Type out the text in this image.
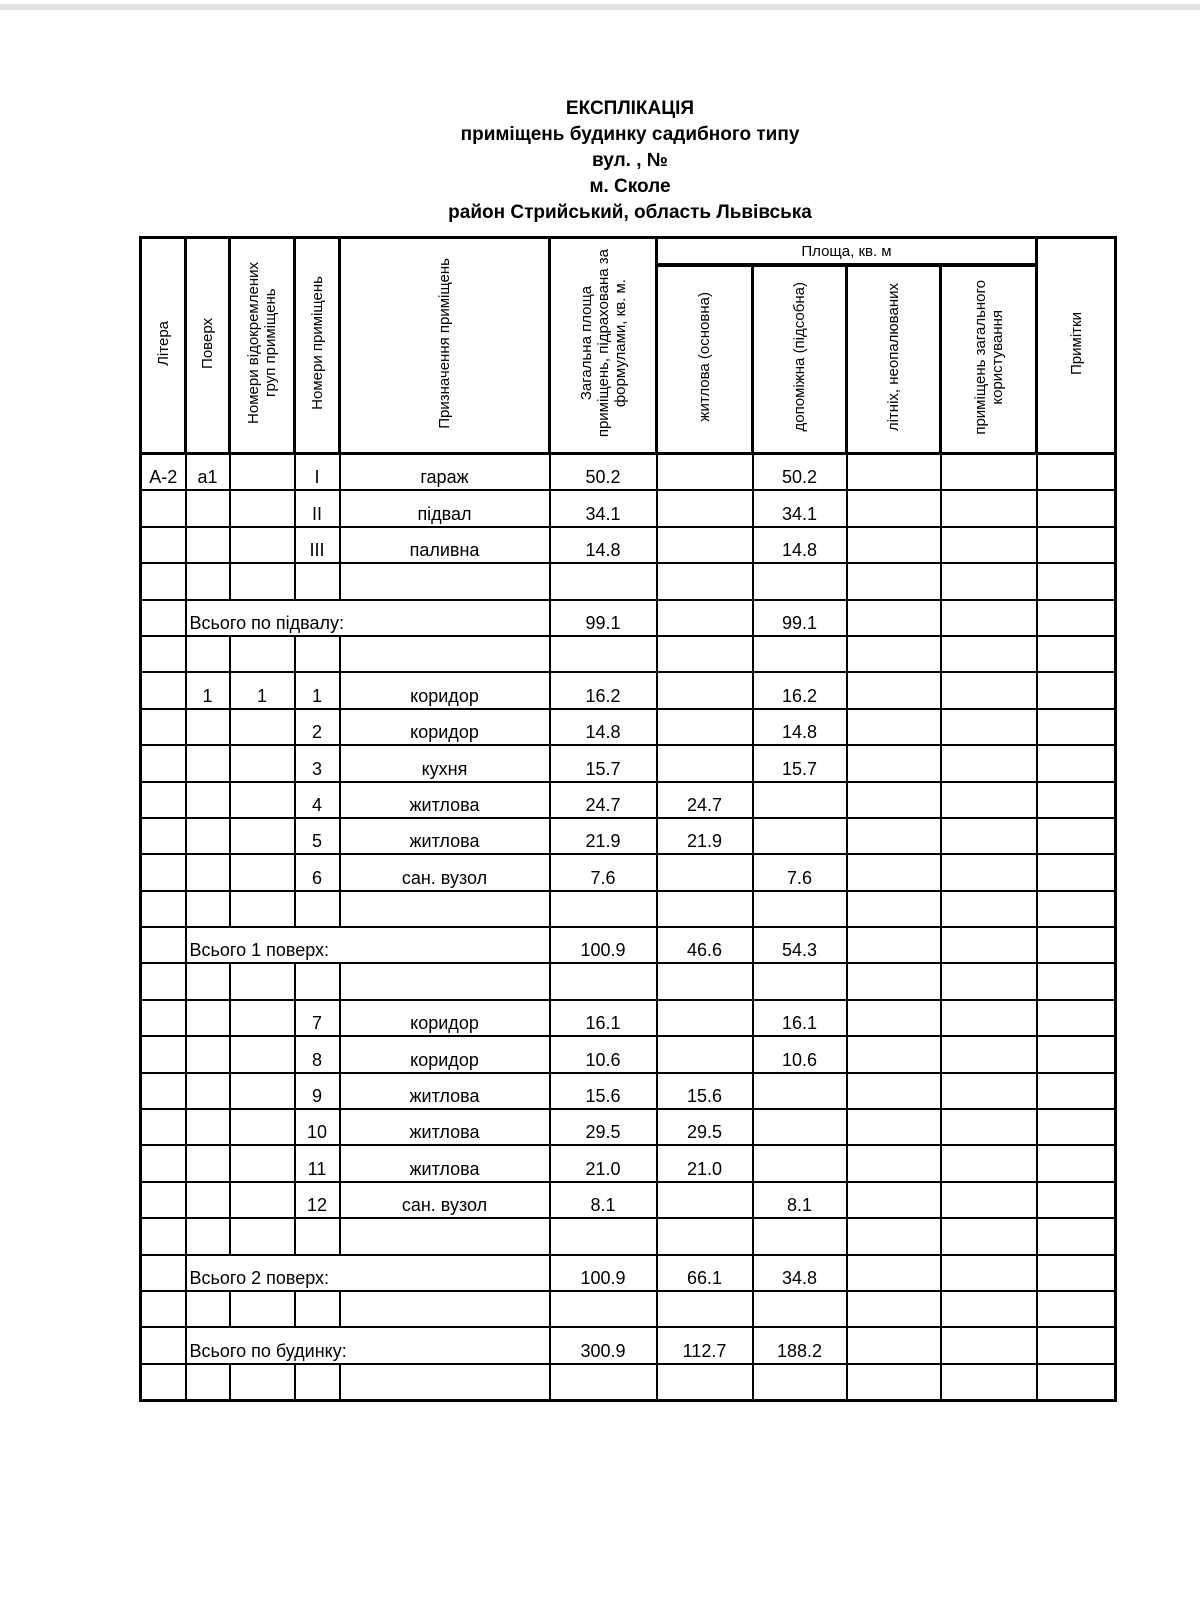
ЕКСПЛІКАЦІЯ
приміщень будинку садибного типу
вул. , №
м. Сколе
район Стрийський, область Львівська
Літера	Поверх	Номери відокремлених
груп приміщень	Номери приміщень	Призначення приміщень	Загальна площа
приміщень, підрахована за
формулами, кв. м.	Площа, кв. м				Примітки
						житлова (основна)	допоміжна (підсобна)	літніх, неопалюваних	приміщень загального
користування	
А-2	а1		I	гараж	50.2		50.2			
			II	підвал	34.1		34.1			
			III	паливна	14.8		14.8			

	Всього по підвалу:				99.1		99.1			

	1	1	1	коридор	16.2		16.2			
			2	коридор	14.8		14.8			
			3	кухня	15.7		15.7			
			4	житлова	24.7	24.7				
			5	житлова	21.9	21.9				
			6	сан. вузол	7.6		7.6			

	Всього 1 поверх:				100.9	46.6	54.3			

			7	коридор	16.1		16.1			
			8	коридор	10.6		10.6			
			9	житлова	15.6	15.6				
			10	житлова	29.5	29.5				
			11	житлова	21.0	21.0				
			12	сан. вузол	8.1		8.1			

	Всього 2 поверх:				100.9	66.1	34.8			

	Всього по будинку:				300.9	112.7	188.2			
